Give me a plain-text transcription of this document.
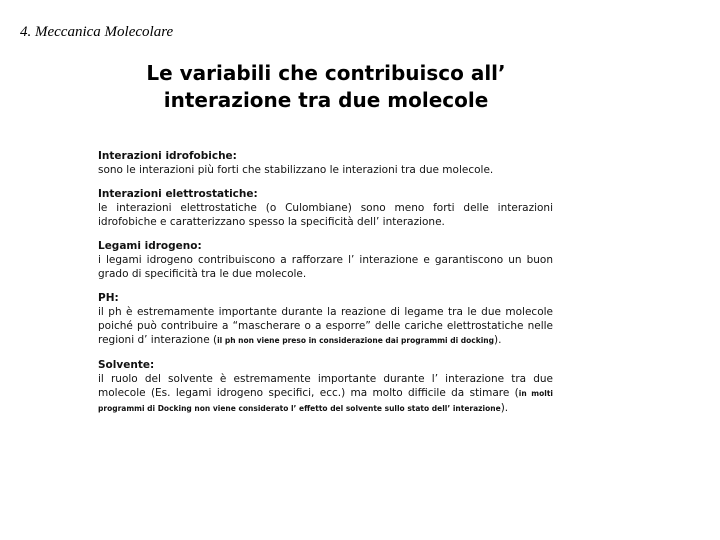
4. Meccanica Molecolare
Le variabili che contribuisco all’
interazione tra due molecole
Interazioni idrofobiche:
sono le interazioni più forti che stabilizzano le interazioni tra due molecole.
Interazioni elettrostatiche:
le interazioni elettrostatiche (o Culombiane) sono meno forti delle interazioni idrofobiche e caratterizzano spesso la specificità dell’ interazione.
Legami idrogeno:
i legami idrogeno contribuiscono a rafforzare l’ interazione e garantiscono un buon grado di specificità tra le due molecole.
PH:
il ph è estremamente importante durante la reazione di legame tra le due molecole poiché può contribuire a “mascherare o a esporre” delle cariche elettrostatiche nelle regioni d’ interazione (il ph non viene preso in considerazione dai programmi di docking).
Solvente:
il ruolo del solvente è estremamente importante durante l’ interazione tra due molecole (Es. legami idrogeno specifici, ecc.) ma molto difficile da stimare (in molti programmi di Docking non viene considerato l’ effetto del solvente sullo stato dell’ interazione).
